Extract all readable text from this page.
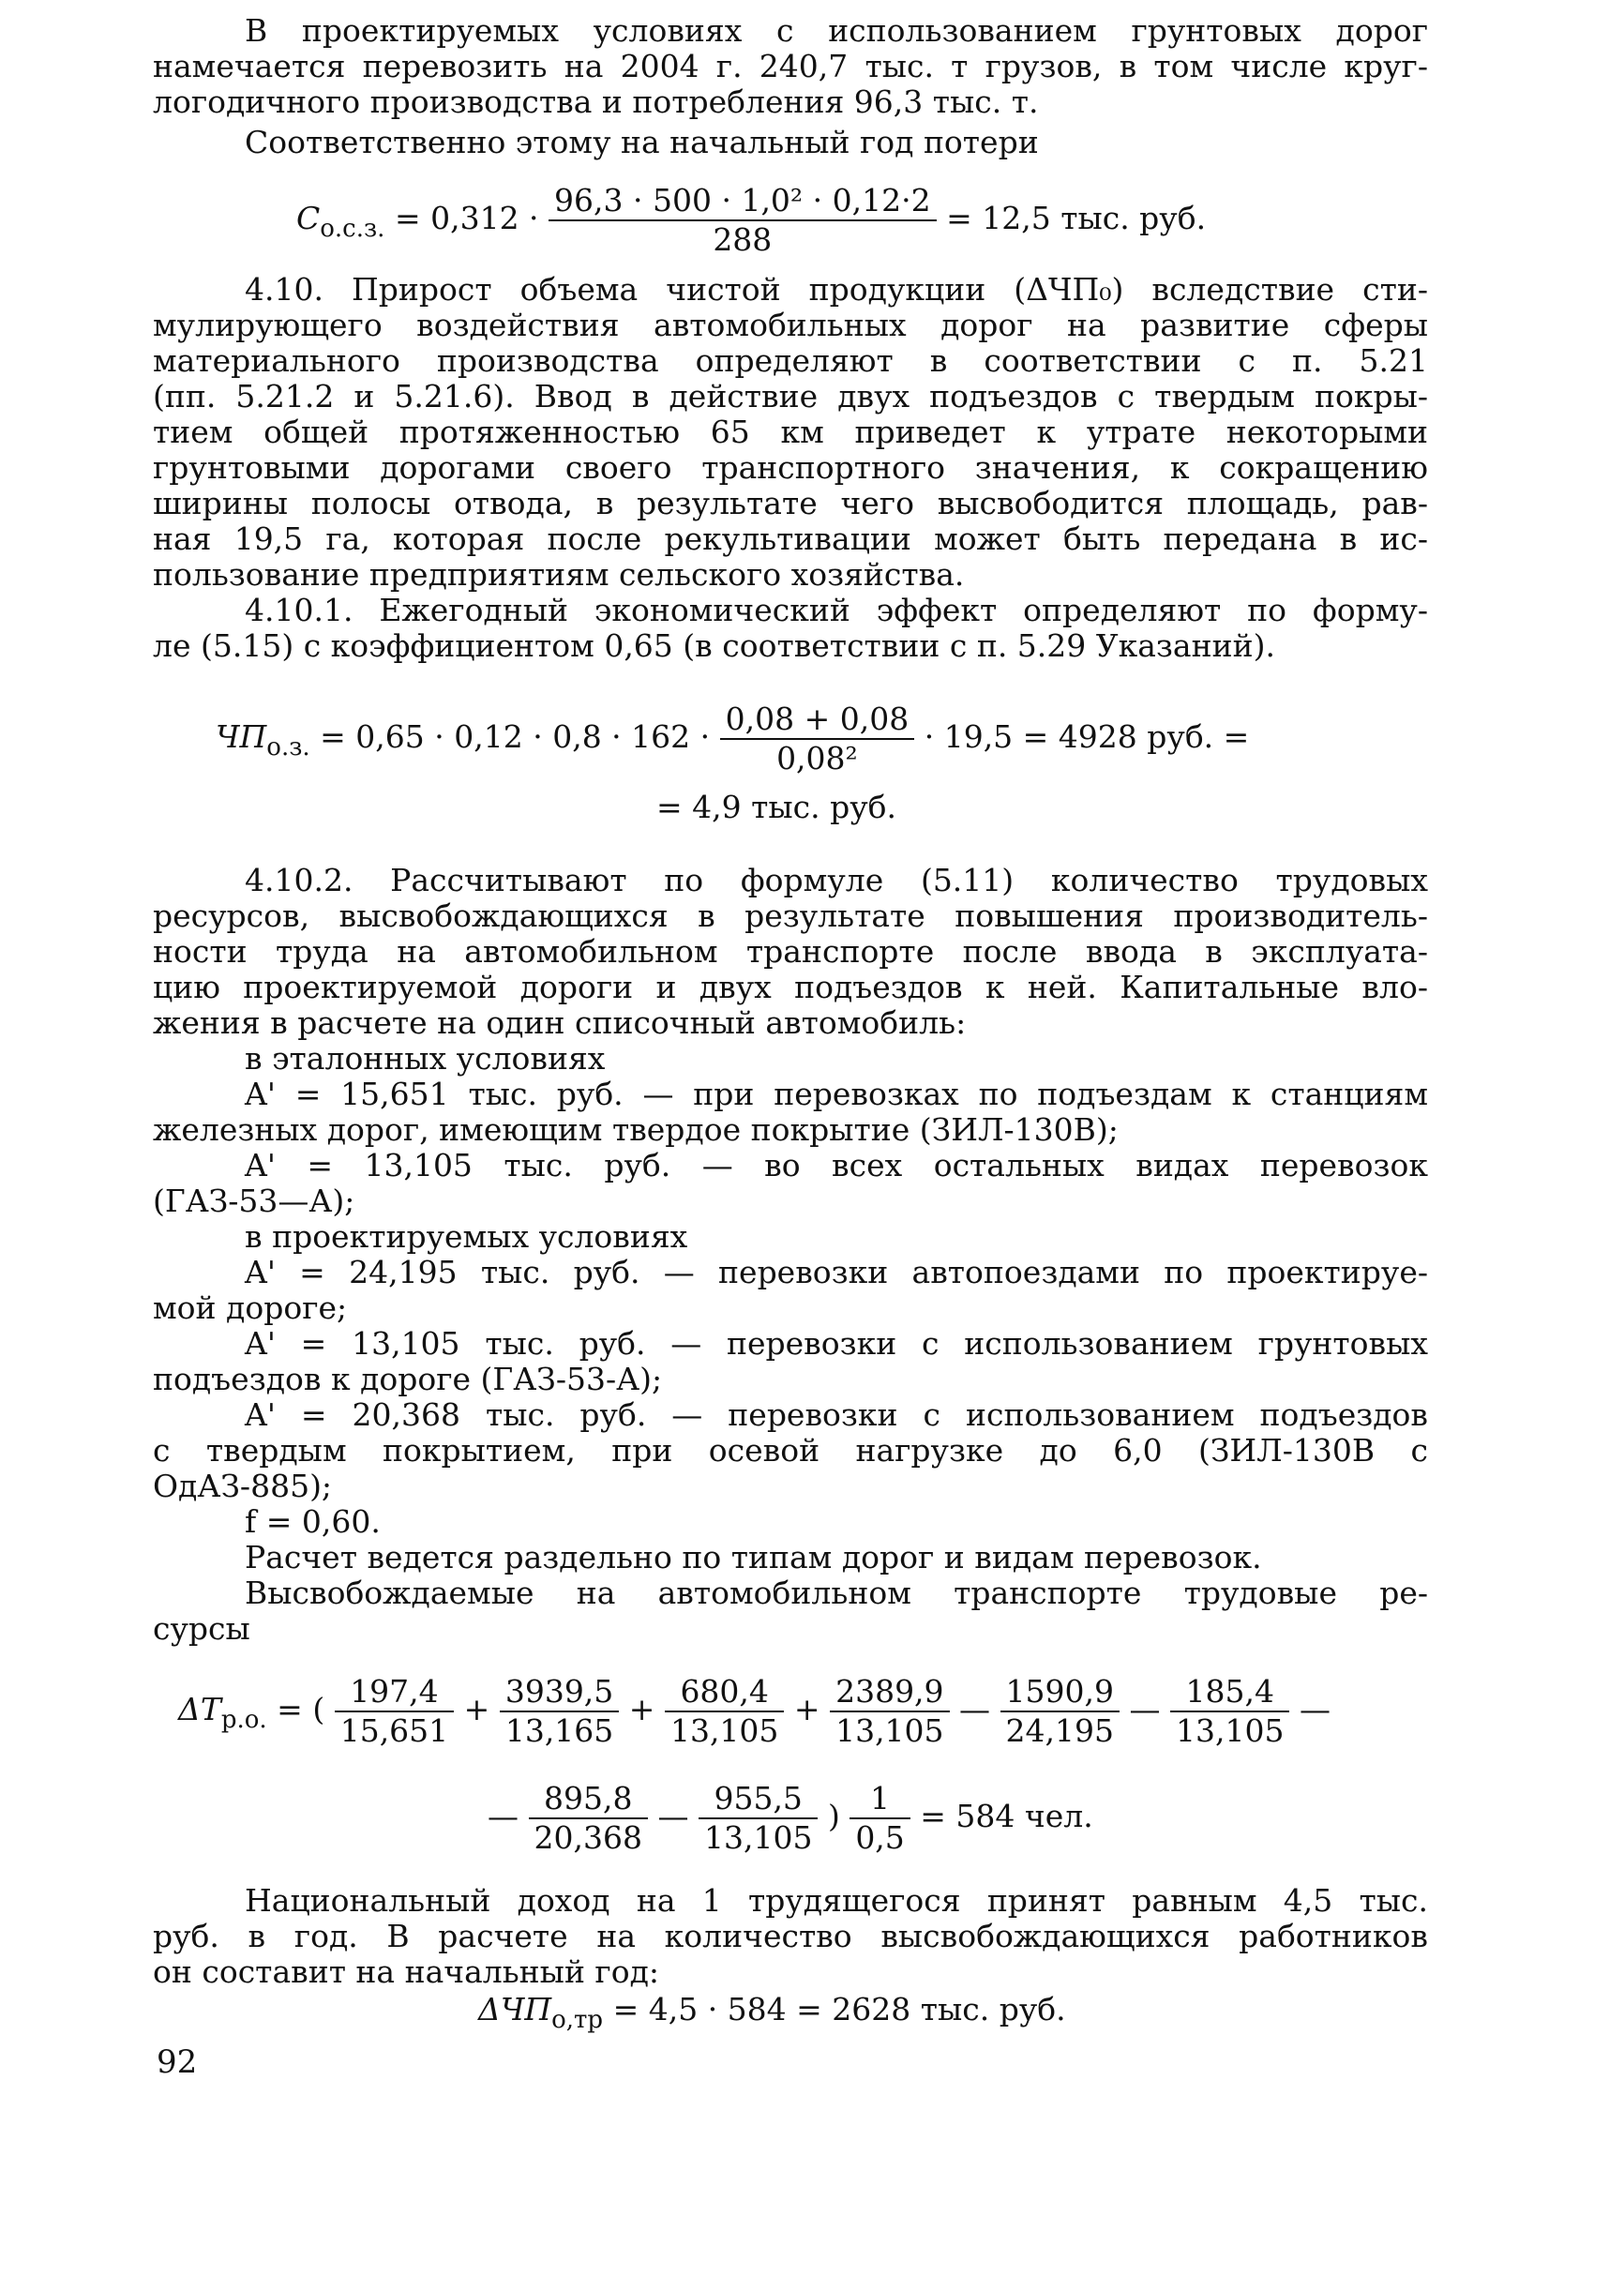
В проектируемых условиях с использованием грунтовых дорог
намечается перевозить на 2004 г. 240,7 тыс. т грузов, в том числе круг-
логодичного производства и потребления 96,3 тыс. т.
Соответственно этому на начальный год потери
$С_{о.с.з.} = 0,312 \cdot \frac{\text{96,3 · 500 · 1,0² · 0,12·2}}{288} = 12,5$ тыс. руб.
4.10. Прирост объема чистой продукции (ΔЧП₀) вследствие сти-
мулирующего воздействия автомобильных дорог на развитие сферы
материального производства определяют в соответствии с п. 5.21
(пп. 5.21.2 и 5.21.6). Ввод в действие двух подъездов с твердым покры-
тием общей протяженностью 65 км приведет к утрате некоторыми
грунтовыми дорогами своего транспортного значения, к сокращению
ширины полосы отвода, в результате чего высвободится площадь, рав-
ная 19,5 га, которая после рекультивации может быть передана в ис-
пользование предприятиям сельского хозяйства.
4.10.1. Ежегодный экономический эффект определяют по форму-
ле (5.15) с коэффициентом 0,65 (в соответствии с п. 5.29 Указаний).
$ЧП_{о.з.} = 0,65 \cdot 0,12 \cdot 0,8 \cdot 162 \cdot \frac{0,08 + 0,08}{\text{0,08²}} \cdot 19,5 = 4928$ руб. =
= 4,9 тыс. руб.
4.10.2. Рассчитывают по формуле (5.11) количество трудовых
ресурсов, высвобождающихся в результате повышения производитель-
ности труда на автомобильном транспорте после ввода в эксплуата-
цию проектируемой дороги и двух подъездов к ней. Капитальные вло-
жения в расчете на один списочный автомобиль:
в эталонных условиях
A' = 15,651 тыс. руб. — при перевозках по подъездам к станциям
железных дорог, имеющим твердое покрытие (ЗИЛ-130В);
A' = 13,105 тыс. руб. — во всех остальных видах перевозок
(ГАЗ-53—А);
в проектируемых условиях
A' = 24,195 тыс. руб. — перевозки автопоездами по проектируе-
мой дороге;
A' = 13,105 тыс. руб. — перевозки с использованием грунтовых
подъездов к дороге (ГАЗ-53-А);
A' = 20,368 тыс. руб. — перевозки с использованием подъездов
с твердым покрытием, при осевой нагрузке до 6,0 (ЗИЛ-130В с
ОдАЗ-885);
f = 0,60.
Расчет ведется раздельно по типам дорог и видам перевозок.
Высвобождаемые на автомобильном транспорте трудовые ре-
сурсы
$\Delta T_{р.о.}$ = ( $\frac{197,4}{15,651} + \frac{3939,5}{13,165} + \frac{680,4}{13,105} + \frac{2389,9}{13,105}$ — $\frac{1590,9}{24,195}$ — $\frac{185,4}{13,105}$ —
— $\frac{895,8}{20,368}$ — $\frac{955,5}{13,105}$ ) $\frac{1}{0,5} = 584$ чел.
Национальный доход на 1 трудящегося принят равным 4,5 тыс.
руб. в год. В расчете на количество высвобождающихся работников
он составит на начальный год:
$\Delta ЧП_{о,тр} = 4,5 \cdot 584 = 2628$ тыс. руб.
92
